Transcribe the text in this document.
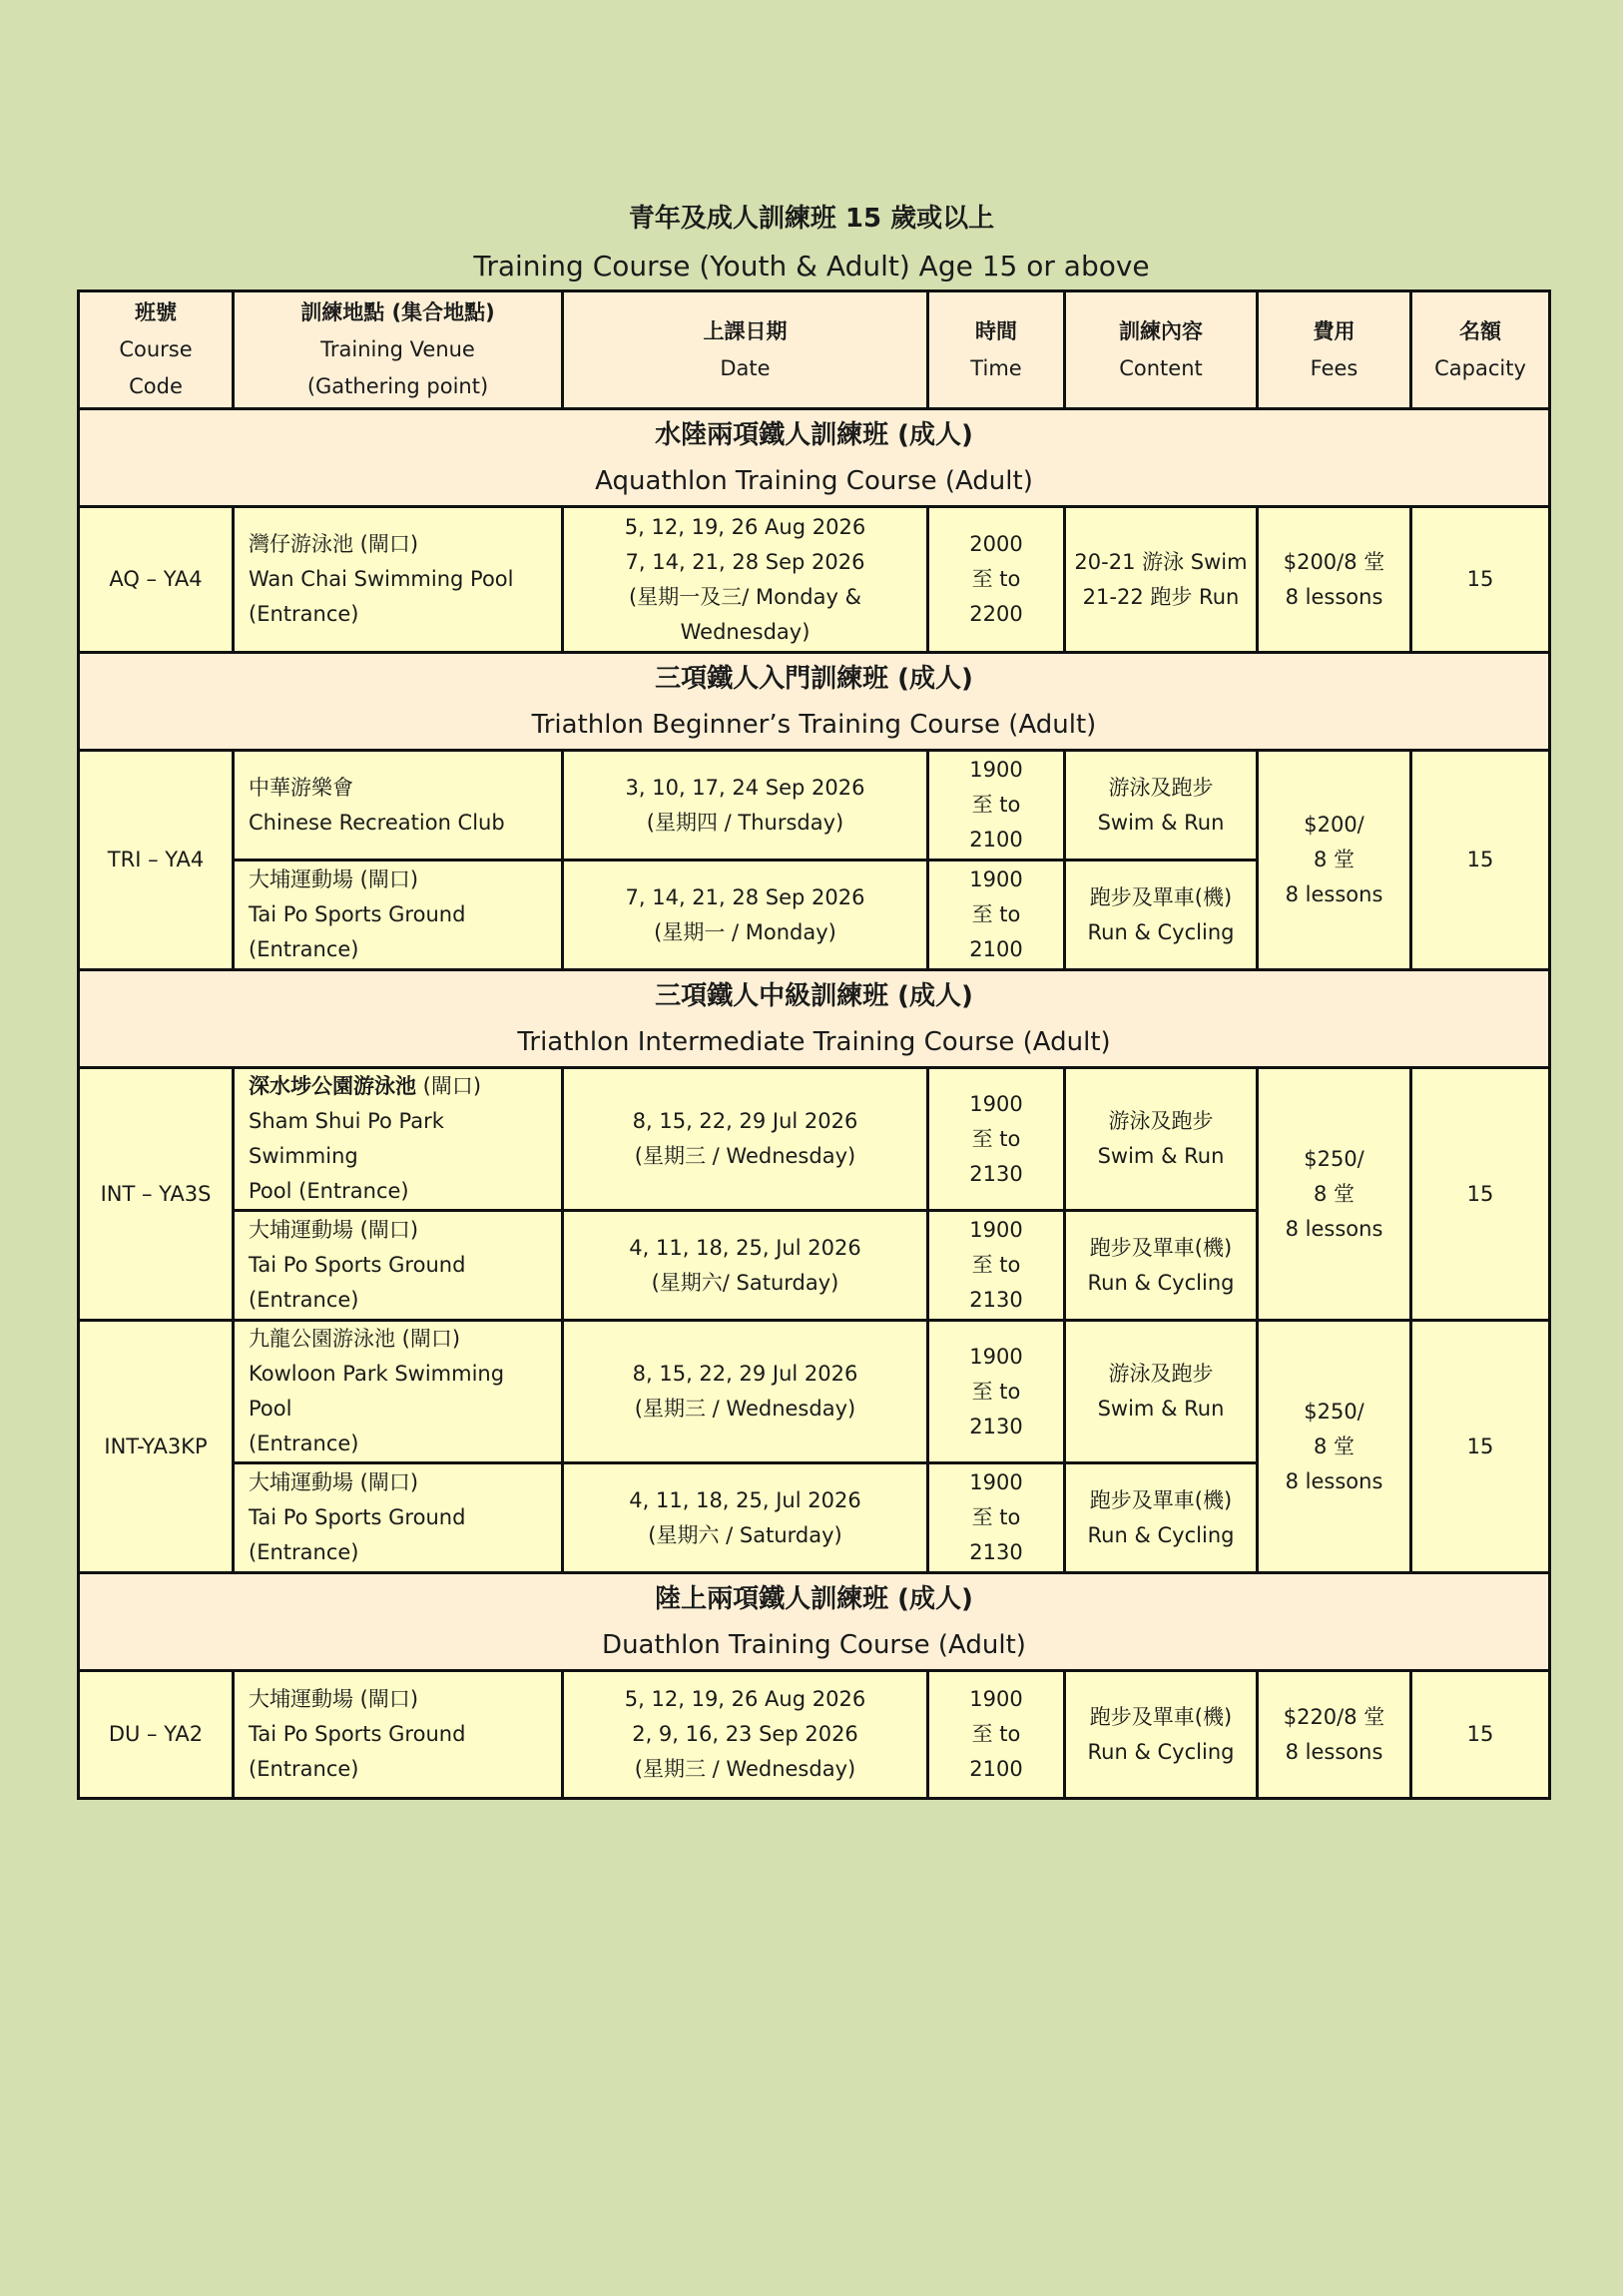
青年及成人訓練班 15 歲或以上
Training Course (Youth & Adult) Age 15 or above
班號
Course
Code	訓練地點 (集合地點)
Training Venue
(Gathering point)	上課日期
Date	時間
Time	訓練內容
Content	費用
Fees	名額
Capacity

水陸兩項鐵人訓練班 (成人)
Aquathlon Training Course (Adult)						
AQ – YA4	灣仔游泳池 (閘口)
Wan Chai Swimming Pool
(Entrance)	5, 12, 19, 26 Aug 2026
7, 14, 21, 28 Sep 2026
(星期一及三/ Monday &
Wednesday)	2000
至 to
2200	20-21 游泳 Swim
21-22 跑步 Run	$200/8 堂
8 lessons	15

三項鐵人入門訓練班 (成人)
Triathlon Beginner’s Training Course (Adult)						
TRI – YA4	中華游樂會
Chinese Recreation Club	3, 10, 17, 24 Sep 2026
(星期四 / Thursday)	1900
至 to
2100	游泳及跑步
Swim & Run	$200/
8 堂
8 lessons	15

	大埔運動場 (閘口)
Tai Po Sports Ground
(Entrance)	7, 14, 21, 28 Sep 2026
(星期一 / Monday)	1900
至 to
2100	跑步及單車(機)
Run & Cycling		

三項鐵人中級訓練班 (成人)
Triathlon Intermediate Training Course (Adult)						
INT – YA3S	深水埗公園游泳池 (閘口)
Sham Shui Po Park Swimming
Pool (Entrance)	8, 15, 22, 29 Jul 2026
(星期三 / Wednesday)	1900
至 to
2130	游泳及跑步
Swim & Run	$250/
8 堂
8 lessons	15

	大埔運動場 (閘口)
Tai Po Sports Ground
(Entrance)	4, 11, 18, 25, Jul 2026
(星期六/ Saturday)	1900
至 to
2130	跑步及單車(機)
Run & Cycling		

INT-YA3KP	九龍公園游泳池 (閘口)
Kowloon Park Swimming Pool
(Entrance)	8, 15, 22, 29 Jul 2026
(星期三 / Wednesday)	1900
至 to
2130	游泳及跑步
Swim & Run	$250/
8 堂
8 lessons	15

	大埔運動場 (閘口)
Tai Po Sports Ground
(Entrance)	4, 11, 18, 25, Jul 2026
(星期六 / Saturday)	1900
至 to
2130	跑步及單車(機)
Run & Cycling		

陸上兩項鐵人訓練班 (成人)
Duathlon Training Course (Adult)						
DU – YA2	大埔運動場 (閘口)
Tai Po Sports Ground
(Entrance)	5, 12, 19, 26 Aug 2026
2, 9, 16, 23 Sep 2026
(星期三 / Wednesday)	1900
至 to
2100	跑步及單車(機)
Run & Cycling	$220/8 堂
8 lessons	15
